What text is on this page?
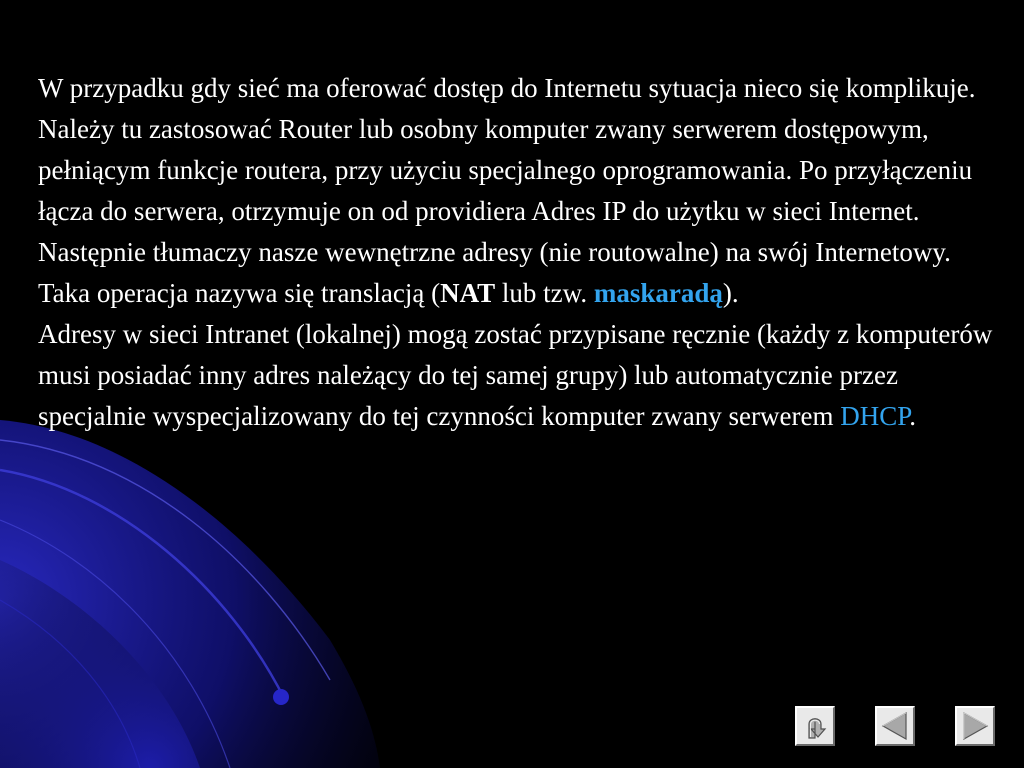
W przypadku gdy sieć ma oferować dostęp do Internetu sytuacja nieco się komplikuje. Należy tu zastosować Router lub osobny komputer zwany serwerem dostępowym, pełniącym funkcje routera, przy użyciu specjalnego oprogramowania. Po przyłączeniu łącza do serwera, otrzymuje on od providiera Adres IP do użytku w sieci Internet. Następnie tłumaczy nasze wewnętrzne adresy (nie routowalne) na swój Internetowy. Taka operacja nazywa się translacją (NAT lub tzw. maskaradą).

Adresy w sieci Intranet (lokalnej) mogą zostać przypisane ręcznie (każdy z komputerów musi posiadać inny adres należący do tej samej grupy) lub automatycznie przez specjalnie wyspecjalizowany do tej czynności komputer zwany serwerem DHCP.
